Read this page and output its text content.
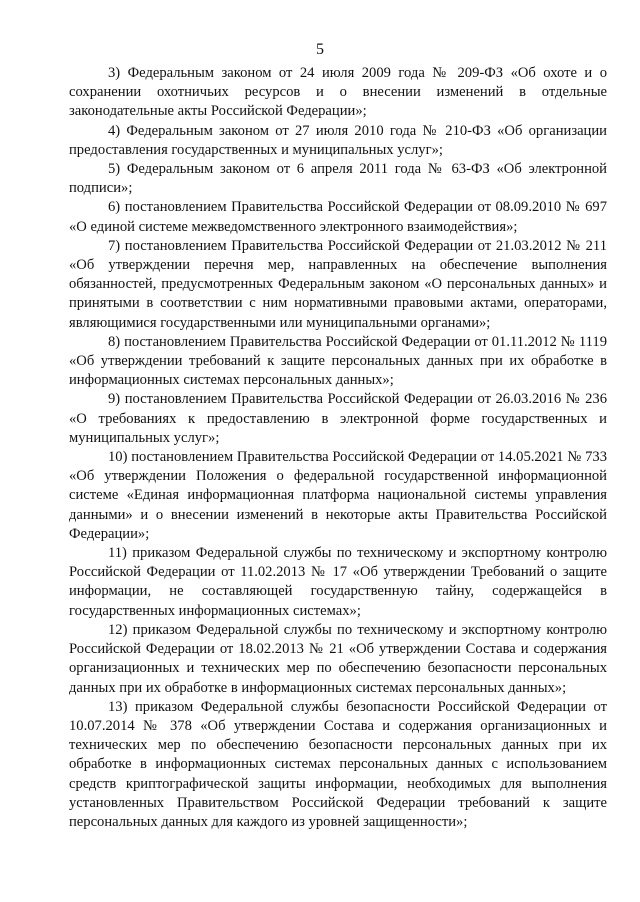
5

3) Федеральным законом от 24 июля 2009 года № 209-ФЗ «Об охоте и о сохранении охотничьих ресурсов и о внесении изменений в отдельные законодательные акты Российской Федерации»;

4) Федеральным законом от 27 июля 2010 года № 210-ФЗ «Об организации предоставления государственных и муниципальных услуг»;

5) Федеральным законом от 6 апреля 2011 года № 63-ФЗ «Об электронной подписи»;

6) постановлением Правительства Российской Федерации от 08.09.2010 № 697 «О единой системе межведомственного электронного взаимодействия»;

7) постановлением Правительства Российской Федерации от 21.03.2012 № 211 «Об утверждении перечня мер, направленных на обеспечение выполнения обязанностей, предусмотренных Федеральным законом «О персональных данных» и принятыми в соответствии с ним нормативными правовыми актами, операторами, являющимися государственными или муниципальными органами»;

8) постановлением Правительства Российской Федерации от 01.11.2012 № 1119 «Об утверждении требований к защите персональных данных при их обработке в информационных системах персональных данных»;

9) постановлением Правительства Российской Федерации от 26.03.2016 № 236 «О требованиях к предоставлению в электронной форме государственных и муниципальных услуг»;

10) постановлением Правительства Российской Федерации от 14.05.2021 № 733 «Об утверждении Положения о федеральной государственной информационной системе «Единая информационная платформа национальной системы управления данными» и о внесении изменений в некоторые акты Правительства Российской Федерации»;

11) приказом Федеральной службы по техническому и экспортному контролю Российской Федерации от 11.02.2013 № 17 «Об утверждении Требований о защите информации, не составляющей государственную тайну, содержащейся в государственных информационных системах»;

12) приказом Федеральной службы по техническому и экспортному контролю Российской Федерации от 18.02.2013 № 21 «Об утверждении Состава и содержания организационных и технических мер по обеспечению безопасности персональных данных при их обработке в информационных системах персональных данных»;

13) приказом Федеральной службы безопасности Российской Федерации от 10.07.2014 № 378 «Об утверждении Состава и содержания организационных и технических мер по обеспечению безопасности персональных данных при их обработке в информационных системах персональных данных с использованием средств криптографической защиты информации, необходимых для выполнения установленных Правительством Российской Федерации требований к защите персональных данных для каждого из уровней защищенности»;
